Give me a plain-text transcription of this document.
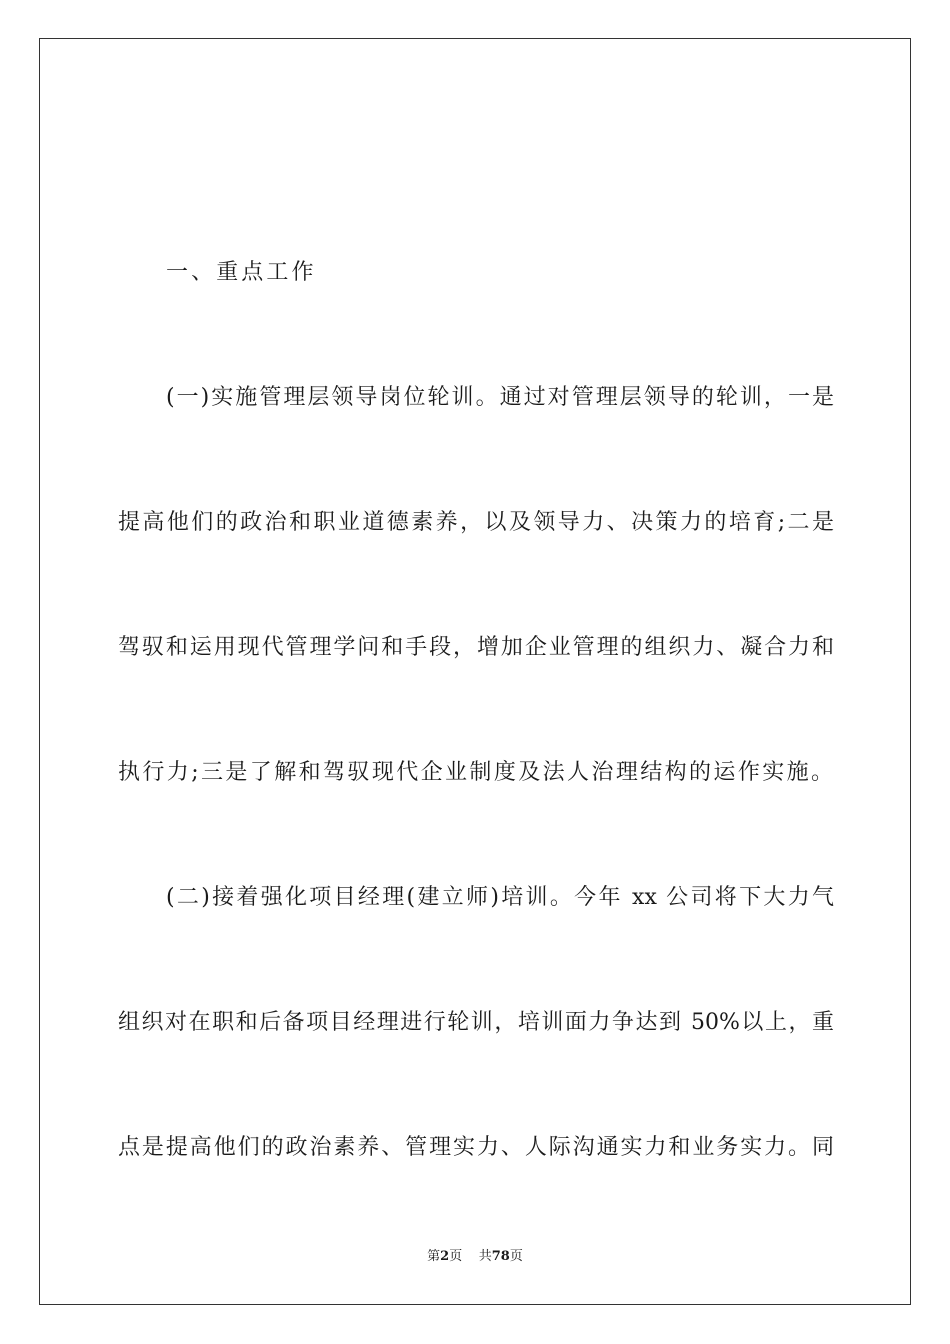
一、重点工作
(一)实施管理层领导岗位轮训。通过对管理层领导的轮训，一是
提高他们的政治和职业道德素养，以及领导力、决策力的培育;二是
驾驭和运用现代管理学问和手段，增加企业管理的组织力、凝合力和
执行力;三是了解和驾驭现代企业制度及法人治理结构的运作实施。
(二)接着强化项目经理(建立师)培训。今年 xx 公司将下大力气
组织对在职和后备项目经理进行轮训，培训面力争达到 50%以上，重
点是提高他们的政治素养、管理实力、人际沟通实力和业务实力。同
第2页    共78页
